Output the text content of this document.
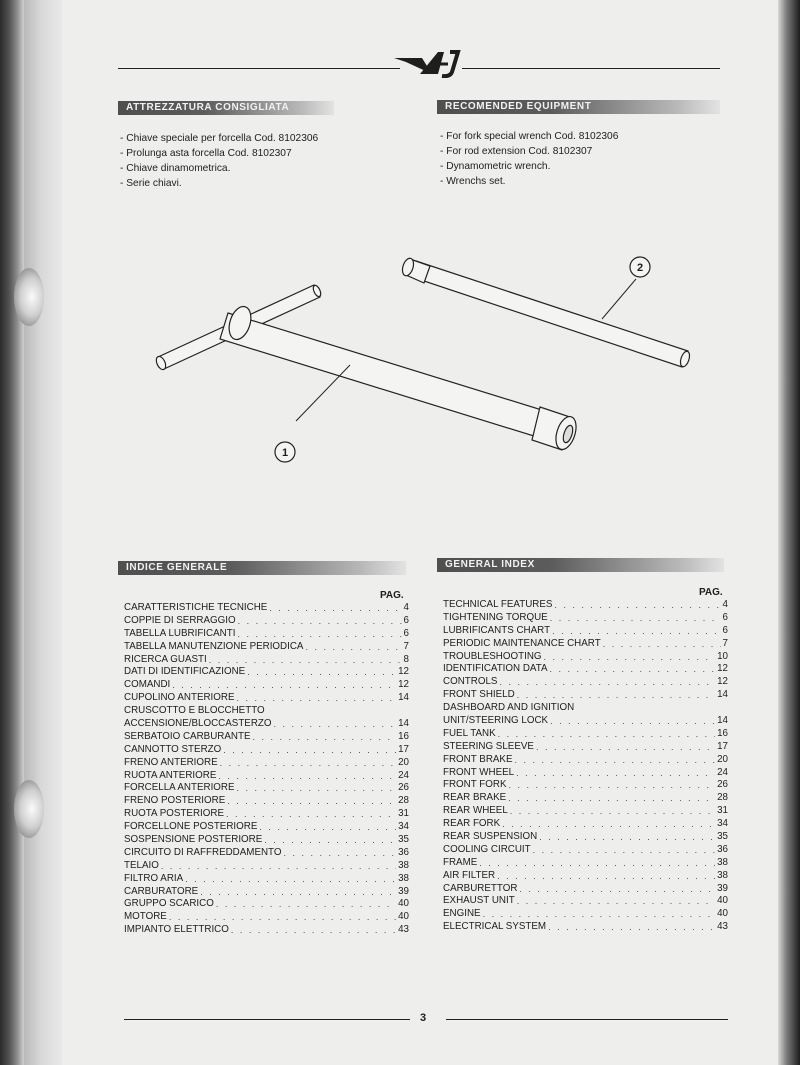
ATTREZZATURA CONSIGLIATA	RECOMENDED EQUIPMENT
- Chiave speciale per forcella Cod. 8102306
- Prolunga asta forcella Cod. 8102307
- Chiave dinamometrica.
- Serie chiavi.
- For fork special wrench Cod. 8102306
- For rod extension Cod. 8102307
- Dynamometric wrench.
- Wrenchs set.
1
2
INDICE GENERALE	GENERAL INDEX
PAG.	PAG.
CARATTERISTICHE TECNICHE . . .	4
COPPIE DI SERRAGGIO . . .	6
TABELLA LUBRIFICANTI . . .	6
TABELLA MANUTENZIONE PERIODICA . . .	7
RICERCA GUASTI . . .	8
DATI DI IDENTIFICAZIONE . . .	12
COMANDI . . .	12
CUPOLINO ANTERIORE . . .	14
CRUSCOTTO E BLOCCHETTO
ACCENSIONE/BLOCCASTERZO . . .	14
SERBATOIO CARBURANTE . . .	16
CANNOTTO STERZO . . .	17
FRENO ANTERIORE . . .	20
RUOTA ANTERIORE . . .	24
FORCELLA ANTERIORE . . .	26
FRENO POSTERIORE . . .	28
RUOTA POSTERIORE . . .	31
FORCELLONE POSTERIORE . . .	34
SOSPENSIONE POSTERIORE . . .	35
CIRCUITO DI RAFFREDDAMENTO . . .	36
TELAIO . . .	38
FILTRO ARIA . . .	38
CARBURATORE . . .	39
GRUPPO SCARICO . . .	40
MOTORE . . .	40
IMPIANTO ELETTRICO . . .	43
TECHNICAL FEATURES . . .	4
TIGHTENING TORQUE . . .	6
LUBRIFICANTS CHART . . .	6
PERIODIC MAINTENANCE CHART . . .	7
TROUBLESHOOTING . . .	10
IDENTIFICATION DATA . . .	12
CONTROLS . . .	12
FRONT SHIELD . . .	14
DASHBOARD AND IGNITION
UNIT/STEERING LOCK . . .	14
FUEL TANK . . .	16
STEERING SLEEVE . . .	17
FRONT BRAKE . . .	20
FRONT WHEEL . . .	24
FRONT FORK . . .	26
REAR BRAKE . . .	28
REAR WHEEL . . .	31
REAR FORK . . .	34
REAR SUSPENSION . . .	35
COOLING CIRCUIT . . .	36
FRAME . . .	38
AIR FILTER . . .	38
CARBURETTOR . . .	39
EXHAUST UNIT . . .	40
ENGINE . . .	40
ELECTRICAL SYSTEM . . .	43
3
